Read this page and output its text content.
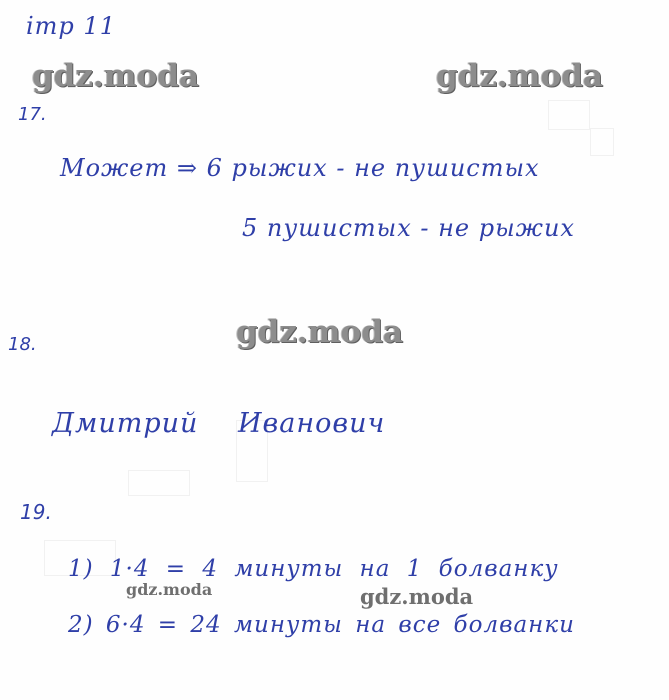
ітр 11
gdz.moda	gdz.moda
gdz.moda
gdz.moda	gdz.moda
17.
Может ⇒ 6 рыжих - не пушистых
5 пушистых - не рыжих
18.
Дмитрий Иванович
19.
1) 1·4 = 4 минуты на 1 болванку
2) 6·4 = 24 минуты на все болванки
